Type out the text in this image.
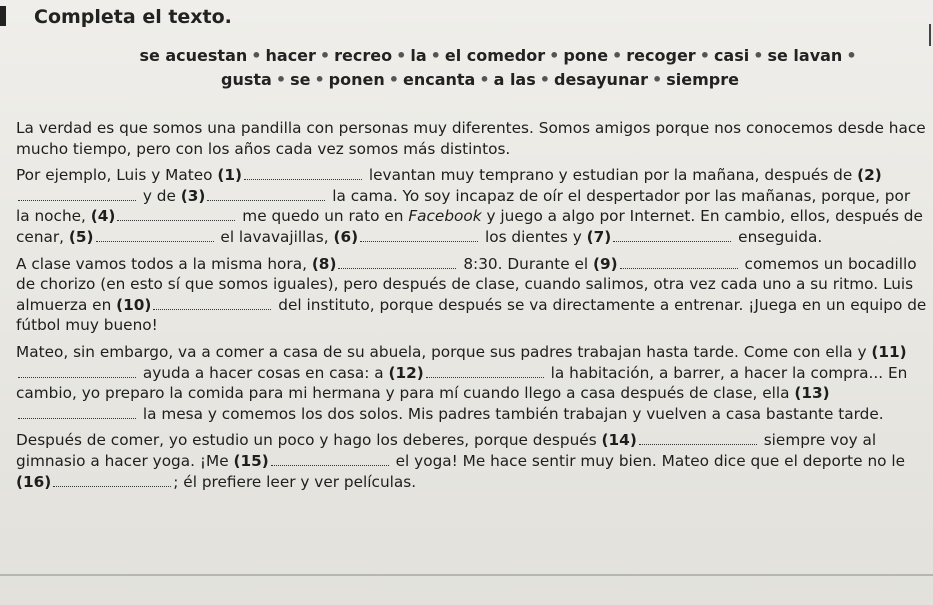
Completa el texto.
se acuestan • hacer • recreo • la • el comedor • pone • recoger • casi • se lavan •
gusta • se • ponen • encanta • a las • desayunar • siempre

La verdad es que somos una pandilla con personas muy diferentes. Somos amigos porque nos conocemos desde hace mucho tiempo, pero con los años cada vez somos más distintos.

Por ejemplo, Luis y Mateo (1)	levantan muy temprano y estudian por la mañana, después de (2) y de (3)	la cama. Yo soy incapaz de oír el despertador por las mañanas, porque, por la noche, (4)	me quedo un rato en Facebook y juego a algo por Internet. En cambio, ellos, después de cenar, (5)	el lavavajillas, (6)	los dientes y (7)	enseguida.

A clase vamos todos a la misma hora, (8)	8:30. Durante el (9)	comemos un bocadillo de chorizo (en esto sí que somos iguales), pero después de clase, cuando salimos, otra vez cada uno a su ritmo. Luis almuerza en (10)	del instituto, porque después se va directamente a entrenar. ¡Juega en un equipo de fútbol muy bueno!

Mateo, sin embargo, va a comer a casa de su abuela, porque sus padres trabajan hasta tarde. Come con ella y (11) ayuda a hacer cosas en casa: a (12)	la habitación, a barrer, a hacer la compra... En cambio, yo preparo la comida para mi hermana y para mí cuando llego a casa después de clase, ella (13) la mesa y comemos los dos solos. Mis padres también trabajan y vuelven a casa bastante tarde.

Después de comer, yo estudio un poco y hago los deberes, porque después (14)	siempre voy al gimnasio a hacer yoga. ¡Me (15)	el yoga! Me hace sentir muy bien. Mateo dice que el deporte no le (16)	; él prefiere leer y ver películas.
